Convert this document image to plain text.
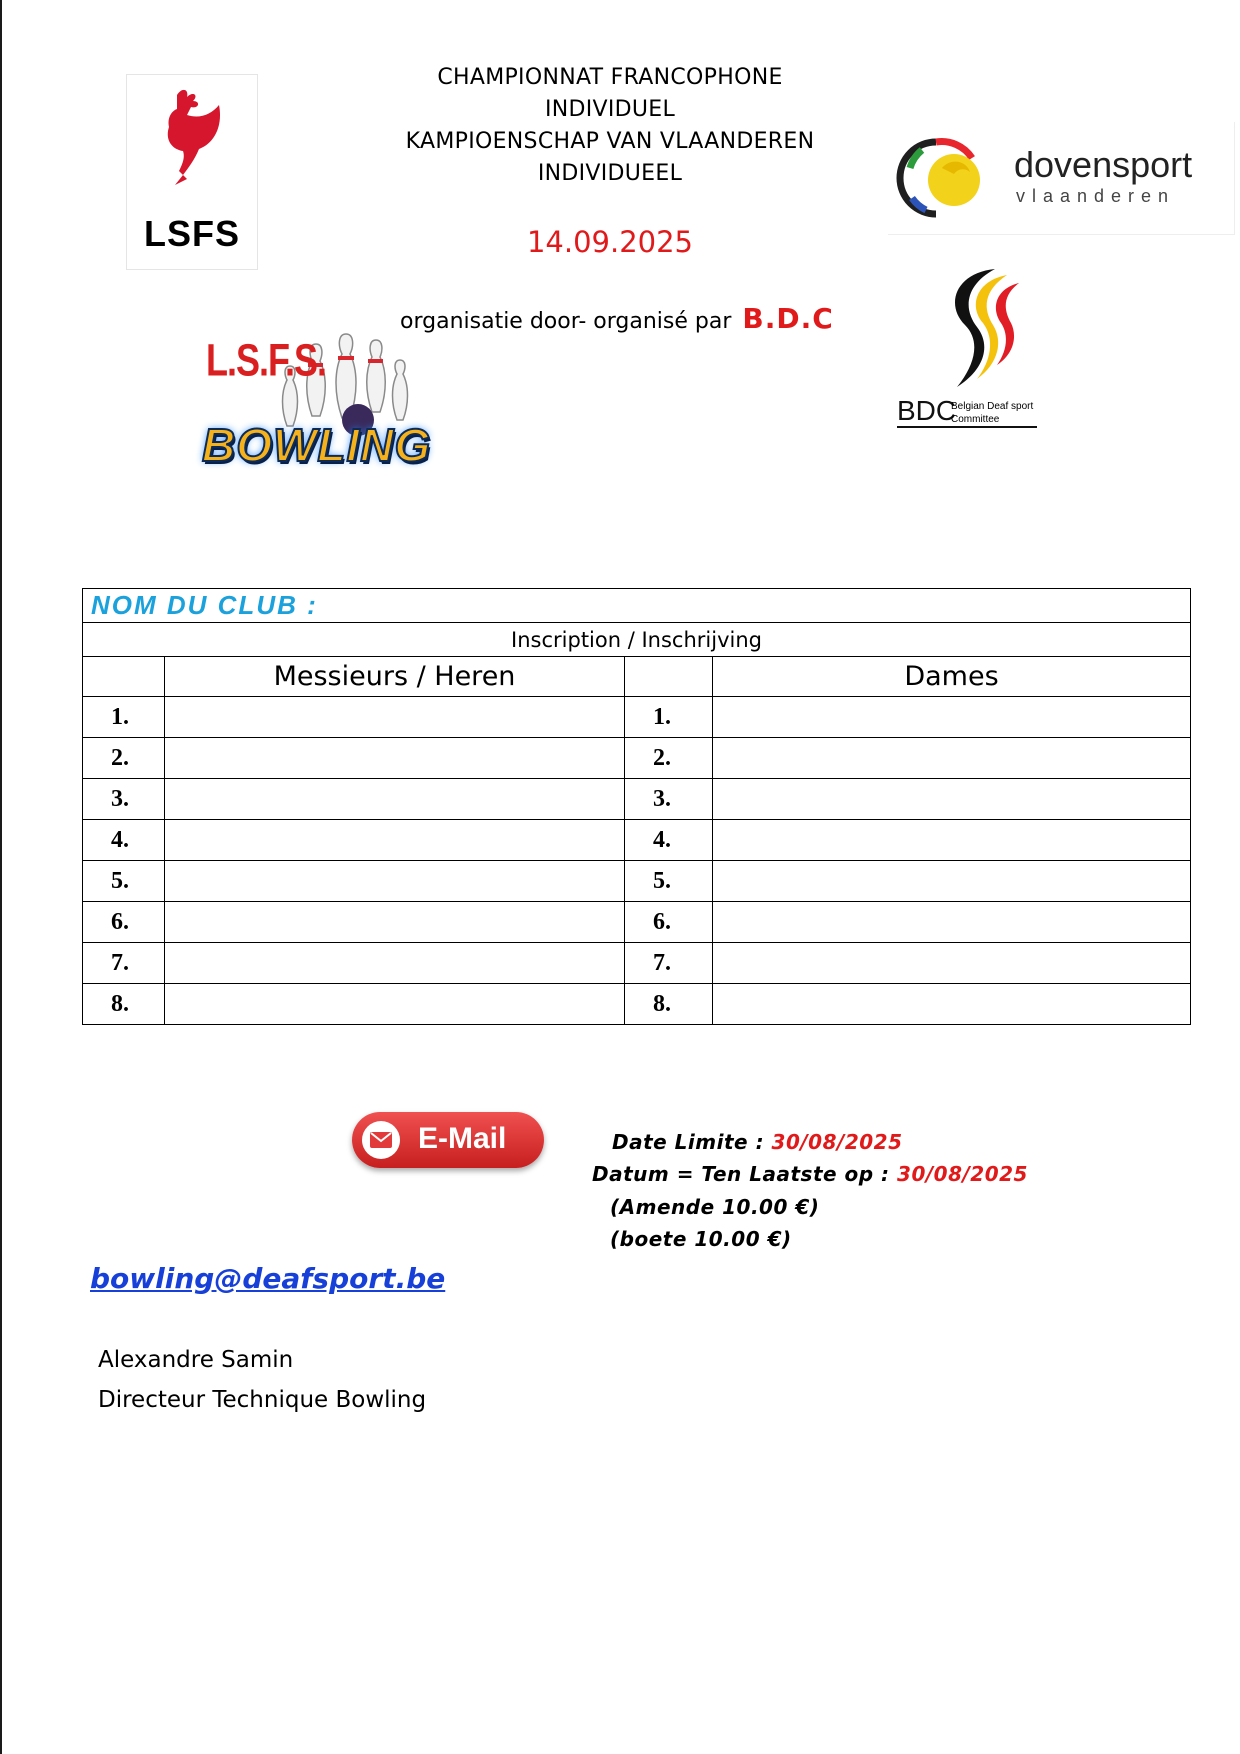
LSFS
CHAMPIONNAT FRANCOPHONE
INDIVIDUEL
KAMPIOENSCHAP VAN VLAANDEREN
INDIVIDUEEL
14.09.2025
organisatie door- organisé par B.D.C
dovensport
vlaanderen
BDC
Belgian Deaf sport
Committee
L.S.F.S.
BOWLING
NOM DU CLUB :			
Inscription / Inschrijving			
	Messieurs / Heren		Dames
1.		1.	
2.		2.	
3.		3.	
4.		4.	
5.		5.	
6.		6.	
7.		7.	
8.		8.	
E-Mail	Date Limite : 30/08/2025
Datum = Ten Laatste op : 30/08/2025
(Amende 10.00 €)
(boete 10.00 €)
bowling@deafsport.be
Alexandre Samin
Directeur Technique Bowling
